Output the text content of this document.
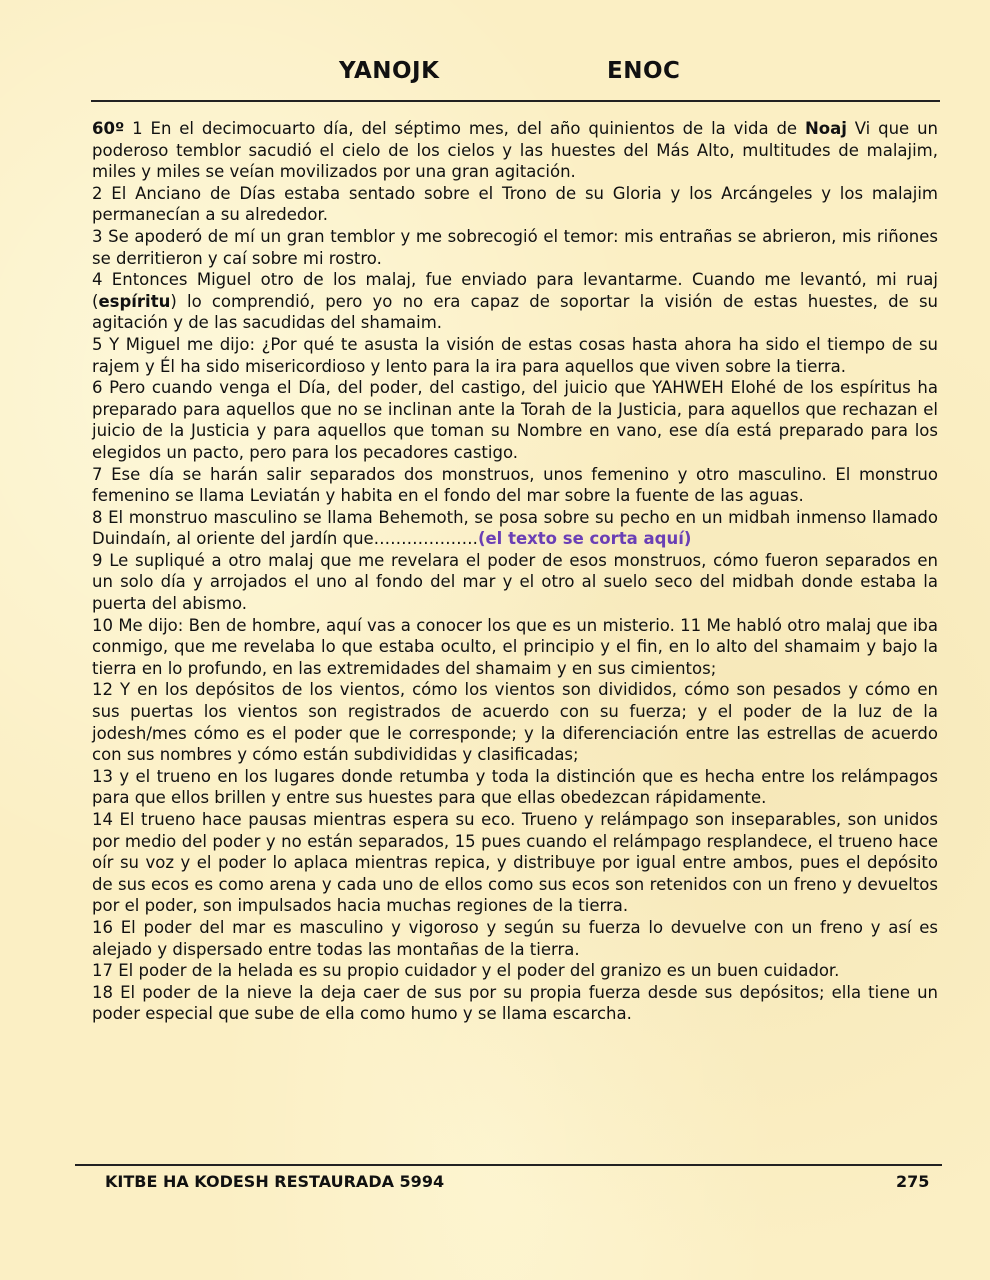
YANOJK	ENOC

60º 1 En el decimocuarto día, del séptimo mes, del año quinientos de la vida de Noaj Vi que un poderoso temblor sacudió el cielo de los cielos y las huestes del Más Alto, multitudes de malajim, miles y miles se veían movilizados por una gran agitación.

2 El Anciano de Días estaba sentado sobre el Trono de su Gloria y los Arcángeles y los malajim permanecían a su alrededor.

3 Se apoderó de mí un gran temblor y me sobrecogió el temor: mis entrañas se abrieron, mis riñones se derritieron y caí sobre mi rostro.

4 Entonces Miguel otro de los malaj, fue enviado para levantarme. Cuando me levantó, mi ruaj (espíritu) lo comprendió, pero yo no era capaz de soportar la visión de estas huestes, de su agitación y de las sacudidas del shamaim.

5 Y Miguel me dijo: ¿Por qué te asusta la visión de estas cosas hasta ahora ha sido el tiempo de su rajem y Él ha sido misericordioso y lento para la ira para aquellos que viven sobre la tierra.

6 Pero cuando venga el Día, del poder, del castigo, del juicio que YAHWEH Elohé de los espíritus ha preparado para aquellos que no se inclinan ante la Torah de la Justicia, para aquellos que rechazan el juicio de la Justicia y para aquellos que toman su Nombre en vano, ese día está preparado para los elegidos un pacto, pero para los pecadores castigo.

7 Ese día se harán salir separados dos monstruos, unos femenino y otro masculino. El monstruo femenino se llama Leviatán y habita en el fondo del mar sobre la fuente de las aguas.

8 El monstruo masculino se llama Behemoth, se posa sobre su pecho en un midbah inmenso llamado Duindaín, al oriente del jardín que……………….(el texto se corta aquí)

9 Le supliqué a otro malaj que me revelara el poder de esos monstruos, cómo fueron separados en un solo día y arrojados el uno al fondo del mar y el otro al suelo seco del midbah donde estaba la puerta del abismo.

10 Me dijo: Ben de hombre, aquí vas a conocer los que es un misterio. 11 Me habló otro malaj que iba conmigo, que me revelaba lo que estaba oculto, el principio y el fin, en lo alto del shamaim y bajo la tierra en lo profundo, en las extremidades del shamaim y en sus cimientos;

12 Y en los depósitos de los vientos, cómo los vientos son divididos, cómo son pesados y cómo en sus puertas los vientos son registrados de acuerdo con su fuerza; y el poder de la luz de la jodesh/mes cómo es el poder que le corresponde; y la diferenciación entre las estrellas de acuerdo con sus nombres y cómo están subdivididas y clasificadas;

13 y el trueno en los lugares donde retumba y toda la distinción que es hecha entre los relámpagos para que ellos brillen y entre sus huestes para que ellas obedezcan rápidamente.

14 El trueno hace pausas mientras espera su eco. Trueno y relámpago son inseparables, son unidos por medio del poder y no están separados, 15 pues cuando el relámpago resplandece, el trueno hace oír su voz y el poder lo aplaca mientras repica, y distribuye por igual entre ambos, pues el depósito de sus ecos es como arena y cada uno de ellos como sus ecos son retenidos con un freno y devueltos por el poder, son impulsados hacia muchas regiones de la tierra.

16 El poder del mar es masculino y vigoroso y según su fuerza lo devuelve con un freno y así es alejado y dispersado entre todas las montañas de la tierra.

17 El poder de la helada es su propio cuidador y el poder del granizo es un buen cuidador.

18 El poder de la nieve la deja caer de sus por su propia fuerza desde sus depósitos; ella tiene un poder especial que sube de ella como humo y se llama escarcha.

KITBE HA KODESH RESTAURADA 5994	275
